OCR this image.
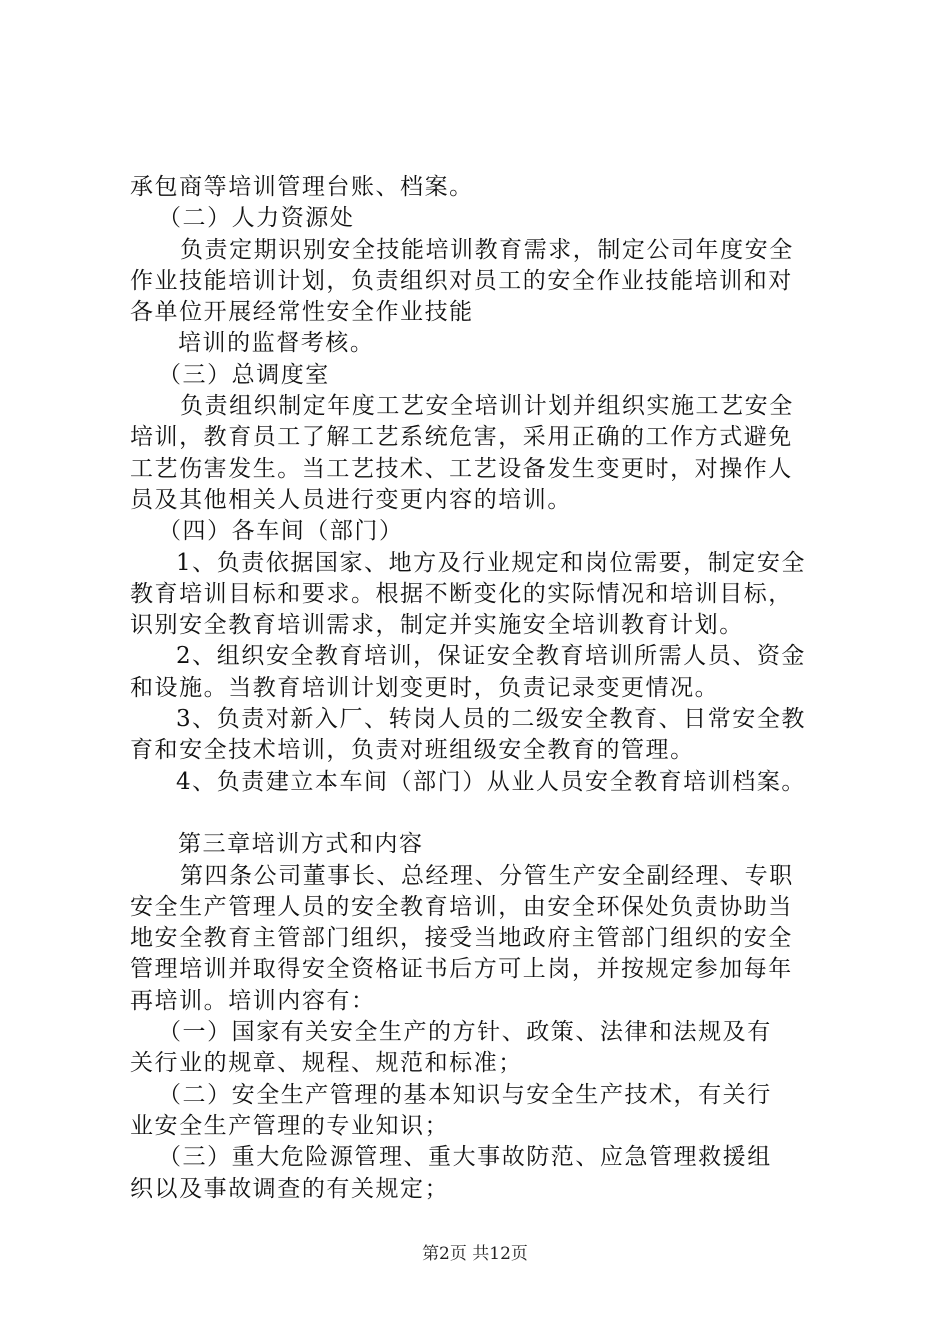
承包商等培训管理台账、档案。
（二）人力资源处
负责定期识别安全技能培训教育需求，制定公司年度安全
作业技能培训计划，负责组织对员工的安全作业技能培训和对
各单位开展经常性安全作业技能
培训的监督考核。
（三）总调度室
负责组织制定年度工艺安全培训计划并组织实施工艺安全
培训，教育员工了解工艺系统危害，采用正确的工作方式避免
工艺伤害发生。当工艺技术、工艺设备发生变更时，对操作人
员及其他相关人员进行变更内容的培训。
（四）各车间（部门）
1、负责依据国家、地方及行业规定和岗位需要，制定安全
教育培训目标和要求。根据不断变化的实际情况和培训目标，
识别安全教育培训需求，制定并实施安全培训教育计划。
2、组织安全教育培训，保证安全教育培训所需人员、资金
和设施。当教育培训计划变更时，负责记录变更情况。
3、负责对新入厂、转岗人员的二级安全教育、日常安全教
育和安全技术培训，负责对班组级安全教育的管理。
4、负责建立本车间（部门）从业人员安全教育培训档案。
第三章培训方式和内容
第四条公司董事长、总经理、分管生产安全副经理、专职
安全生产管理人员的安全教育培训，由安全环保处负责协助当
地安全教育主管部门组织，接受当地政府主管部门组织的安全
管理培训并取得安全资格证书后方可上岗，并按规定参加每年
再培训。培训内容有：
（一）国家有关安全生产的方针、政策、法律和法规及有
关行业的规章、规程、规范和标准；
（二）安全生产管理的基本知识与安全生产技术，有关行
业安全生产管理的专业知识；
（三）重大危险源管理、重大事故防范、应急管理救援组
织以及事故调查的有关规定；
第2页 共12页
